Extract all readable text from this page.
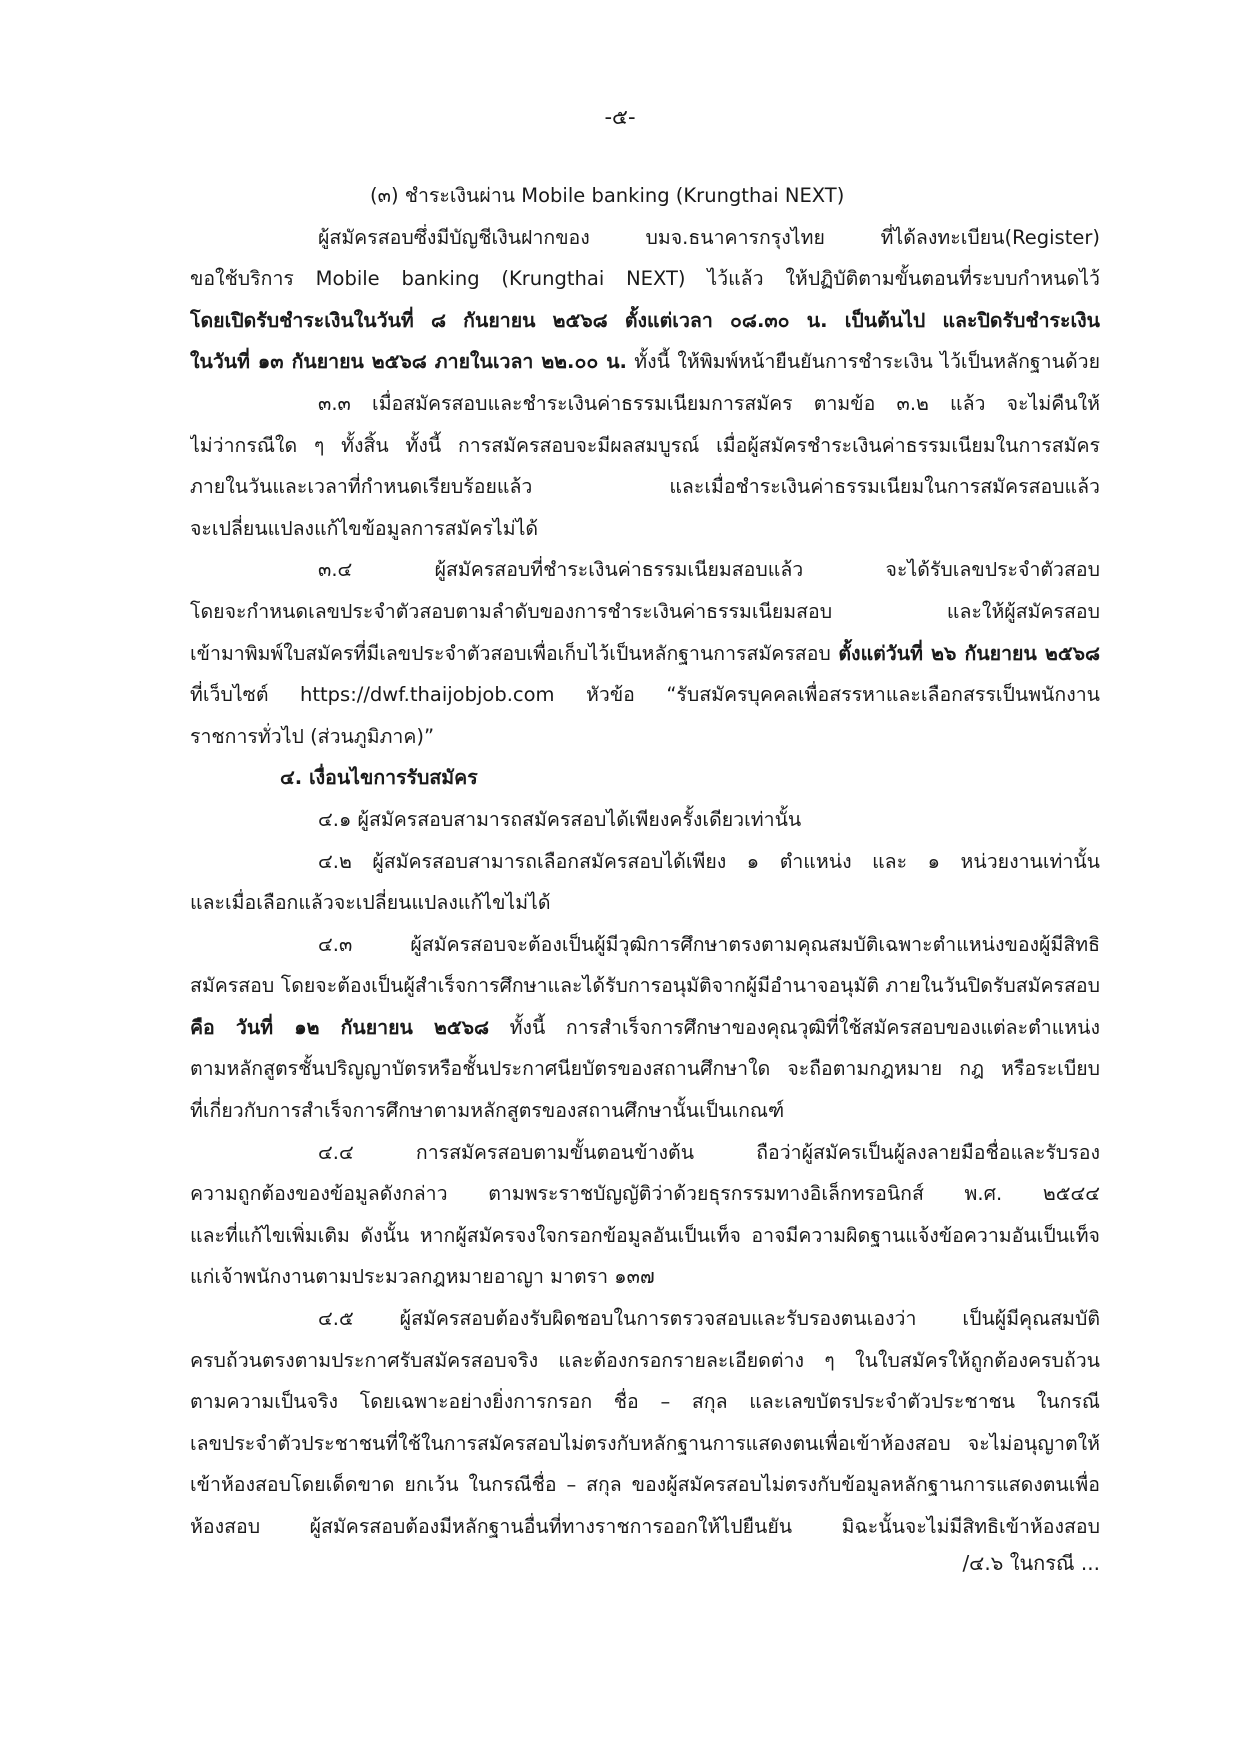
-๕-
(๓) ชำระเงินผ่าน Mobile banking (Krungthai NEXT)
ผู้สมัครสอบซึ่งมีบัญชีเงินฝากของ บมจ.ธนาคารกรุงไทย ที่ได้ลงทะเบียน(Register)
ขอใช้บริการ Mobile banking (Krungthai NEXT) ไว้แล้ว ให้ปฏิบัติตามขั้นตอนที่ระบบกำหนดไว้
โดยเปิดรับชำระเงินในวันที่ ๘ กันยายน ๒๕๖๘ ตั้งแต่เวลา ๐๘.๓๐ น. เป็นต้นไป และปิดรับชำระเงิน
ในวันที่ ๑๓ กันยายน ๒๕๖๘ ภายในเวลา ๒๒.๐๐ น. ทั้งนี้ ให้พิมพ์หน้ายืนยันการชำระเงิน ไว้เป็นหลักฐานด้วย
๓.๓ เมื่อสมัครสอบและชำระเงินค่าธรรมเนียมการสมัคร ตามข้อ ๓.๒ แล้ว จะไม่คืนให้
ไม่ว่ากรณีใด ๆ ทั้งสิ้น ทั้งนี้ การสมัครสอบจะมีผลสมบูรณ์ เมื่อผู้สมัครชำระเงินค่าธรรมเนียมในการสมัคร
ภายในวันและเวลาที่กำหนดเรียบร้อยแล้ว และเมื่อชำระเงินค่าธรรมเนียมในการสมัครสอบแล้ว
จะเปลี่ยนแปลงแก้ไขข้อมูลการสมัครไม่ได้
๓.๔ ผู้สมัครสอบที่ชำระเงินค่าธรรมเนียมสอบแล้ว จะได้รับเลขประจำตัวสอบ
โดยจะกำหนดเลขประจำตัวสอบตามลำดับของการชำระเงินค่าธรรมเนียมสอบ และให้ผู้สมัครสอบ
เข้ามาพิมพ์ใบสมัครที่มีเลขประจำตัวสอบเพื่อเก็บไว้เป็นหลักฐานการสมัครสอบ ตั้งแต่วันที่ ๒๖ กันยายน ๒๕๖๘
ที่เว็บไซต์ https://dwf.thaijobjob.com หัวข้อ “รับสมัครบุคคลเพื่อสรรหาและเลือกสรรเป็นพนักงาน
ราชการทั่วไป (ส่วนภูมิภาค)”
๔. เงื่อนไขการรับสมัคร
๔.๑ ผู้สมัครสอบสามารถสมัครสอบได้เพียงครั้งเดียวเท่านั้น
๔.๒ ผู้สมัครสอบสามารถเลือกสมัครสอบได้เพียง ๑ ตำแหน่ง และ ๑ หน่วยงานเท่านั้น
และเมื่อเลือกแล้วจะเปลี่ยนแปลงแก้ไขไม่ได้
๔.๓ ผู้สมัครสอบจะต้องเป็นผู้มีวุฒิการศึกษาตรงตามคุณสมบัติเฉพาะตำแหน่งของผู้มีสิทธิ
สมัครสอบ โดยจะต้องเป็นผู้สำเร็จการศึกษาและได้รับการอนุมัติจากผู้มีอำนาจอนุมัติ ภายในวันปิดรับสมัครสอบ
คือ วันที่ ๑๒ กันยายน ๒๕๖๘ ทั้งนี้ การสำเร็จการศึกษาของคุณวุฒิที่ใช้สมัครสอบของแต่ละตำแหน่ง
ตามหลักสูตรชั้นปริญญาบัตรหรือชั้นประกาศนียบัตรของสถานศึกษาใด จะถือตามกฎหมาย กฎ หรือระเบียบ
ที่เกี่ยวกับการสำเร็จการศึกษาตามหลักสูตรของสถานศึกษานั้นเป็นเกณฑ์
๔.๔ การสมัครสอบตามขั้นตอนข้างต้น ถือว่าผู้สมัครเป็นผู้ลงลายมือชื่อและรับรอง
ความถูกต้องของข้อมูลดังกล่าว ตามพระราชบัญญัติว่าด้วยธุรกรรมทางอิเล็กทรอนิกส์ พ.ศ. ๒๕๔๔
และที่แก้ไขเพิ่มเติม ดังนั้น หากผู้สมัครจงใจกรอกข้อมูลอันเป็นเท็จ อาจมีความผิดฐานแจ้งข้อความอันเป็นเท็จ
แก่เจ้าพนักงานตามประมวลกฎหมายอาญา มาตรา ๑๓๗
๔.๕ ผู้สมัครสอบต้องรับผิดชอบในการตรวจสอบและรับรองตนเองว่า เป็นผู้มีคุณสมบัติ
ครบถ้วนตรงตามประกาศรับสมัครสอบจริง และต้องกรอกรายละเอียดต่าง ๆ ในใบสมัครให้ถูกต้องครบถ้วน
ตามความเป็นจริง โดยเฉพาะอย่างยิ่งการกรอก ชื่อ – สกุล และเลขบัตรประจำตัวประชาชน ในกรณี
เลขประจำตัวประชาชนที่ใช้ในการสมัครสอบไม่ตรงกับหลักฐานการแสดงตนเพื่อเข้าห้องสอบ จะไม่อนุญาตให้
เข้าห้องสอบโดยเด็ดขาด ยกเว้น ในกรณีชื่อ – สกุล ของผู้สมัครสอบไม่ตรงกับข้อมูลหลักฐานการแสดงตนเพื่อ
ห้องสอบ ผู้สมัครสอบต้องมีหลักฐานอื่นที่ทางราชการออกให้ไปยืนยัน มิฉะนั้นจะไม่มีสิทธิเข้าห้องสอบ
/๔.๖ ในกรณี ...
